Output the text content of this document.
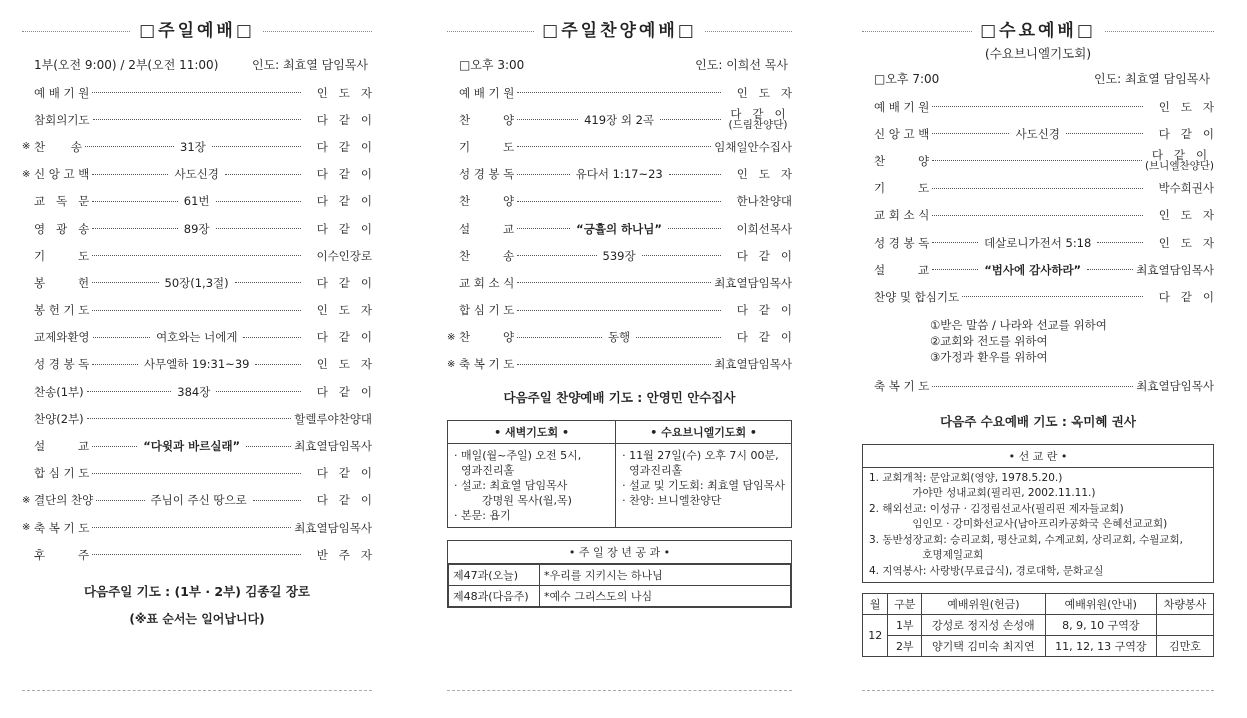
□주일예배□
1부(오전 9:00) / 2부(오전 11:00)	인도: 최효열 담임목사
예 배 기 원	인   도   자
참회의기도	다   같   이
※ 찬       송	31장	다   같   이
※ 신 앙 고 백	사도신경	다   같   이
교   독   문	61번	다   같   이
영   광   송	89장	다   같   이
기         도	이수인장로
봉         헌	50장(1,3절)	다   같   이
봉 헌 기 도	인   도   자
교제와환영	여호와는 너에게	다   같   이
성 경 봉 독	사무엘하 19:31~39	인   도   자
찬송(1부)	384장	다   같   이
찬양(2부)	할렐루야찬양대
설         교	“다윗과 바르실래”	최효열담임목사
합 심 기 도	다   같   이
※ 결단의 찬양	주님이 주신 땅으로	다   같   이
※ 축 복 기 도	최효열담임목사
후         주	반   주   자
다음주일 기도 : (1부 · 2부) 김종길 장로
(※표 순서는 일어납니다)
□주일찬양예배□
□오후 3:00	인도: 이희선 목사
예 배 기 원	인   도   자
찬         양	419장 외 2곡	다   같   이
(드림찬양단)
기         도	임채일안수집사
성 경 봉 독	유다서 1:17~23	인   도   자
찬         양	한나찬양대
설         교	“긍휼의 하나님”	이희선목사
찬         송	539장	다   같   이
교 회 소 식	최효열담임목사
합 심 기 도	다   같   이
※ 찬         양	동행	다   같   이
※ 축 복 기 도	최효열담임목사
다음주일 찬양예배 기도 : 안영민 안수집사
• 새벽기도회 •
· 매일(월~주일) 오전 5시,
영과진리홀
· 설교: 최효열 담임목사
강명원 목사(월,목)
· 본문: 욥기
• 수요브니엘기도회 •
· 11월 27일(수) 오후 7시 00분,
영과진리홀
· 설교 및 기도회: 최효열 담임목사
· 찬양: 브니엘찬양단
• 주 일 장 년 공 과 •
제47과(오늘)	*우리를 지키시는 하나님
제48과(다음주)	*예수 그리스도의 나심
□수요예배□
(수요브니엘기도회)
□오후 7:00	인도: 최효열 담임목사
예 배 기 원	인   도   자
신 앙 고 백	사도신경	다   같   이
찬         양	다   같   이
(브니엘찬양단)
기         도	박수희권사
교 회 소 식	인   도   자
성 경 봉 독	데살로니가전서 5:18	인   도   자
설         교	“범사에 감사하라”	최효열담임목사
찬양 및 합심기도	다   같   이
①받은 말씀 / 나라와 선교를 위하여
②교회와 전도를 위하여
③가정과 환우를 위하여
축 복 기 도	최효열담임목사
다음주 수요예배 기도 : 옥미혜 권사
• 선 교 란 •
1. 교회개척: 문암교회(영양, 1978.5.20.)
가야만 성내교회(필리핀, 2002.11.11.)
2. 해외선교: 이성규 · 김정림선교사(필리핀 제자들교회)
임인모 · 강미화선교사(남아프리카공화국 은혜선교교회)
3. 동반성장교회: 승리교회, 평산교회, 수계교회, 상리교회, 수월교회,
호명제일교회
4. 지역봉사: 사랑방(무료급식), 경로대학, 문화교실
월	구분	예배위원(헌금)	예배위원(안내)	차량봉사
12	1부	강성로 정지성 손성애	8, 9, 10 구역장	
	2부	양기택 김미숙 최지연	11, 12, 13 구역장	김만호
